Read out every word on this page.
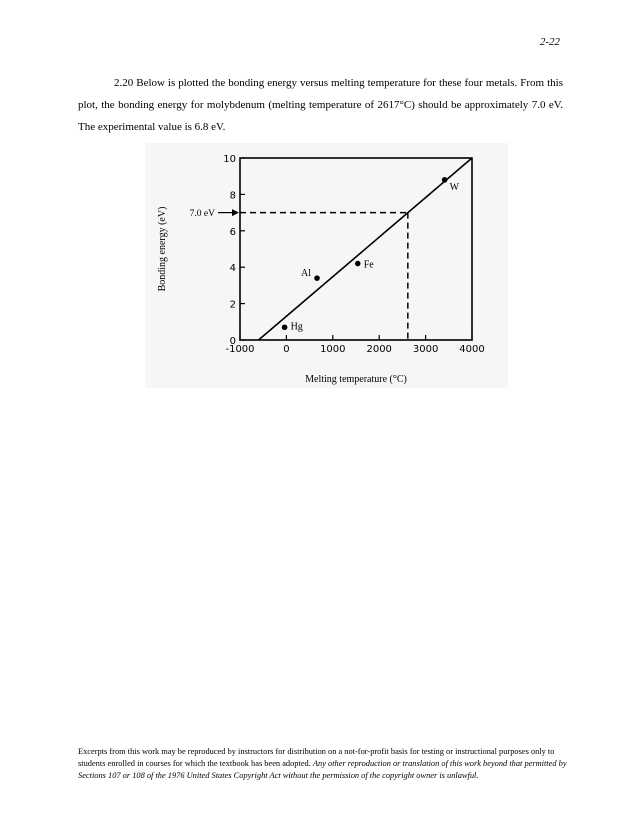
2-22
2.20 Below is plotted the bonding energy versus melting temperature for these four metals. From this plot, the bonding energy for molybdenum (melting temperature of 2617°C) should be approximately 7.0 eV. The experimental value is 6.8 eV.
-1000	0	1000 2000 3000 4000
0
2
4
6
8
10
7.0 eV
Hg
Al
Fe
W
Melting temperature (°C)
Bonding energy (eV)
Excerpts from this work may be reproduced by instructors for distribution on a not-for-profit basis for testing or instructional purposes only to students enrolled in courses for which the textbook has been adopted. Any other reproduction or translation of this work beyond that permitted by Sections 107 or 108 of the 1976 United States Copyright Act without the permission of the copyright owner is unlawful.
